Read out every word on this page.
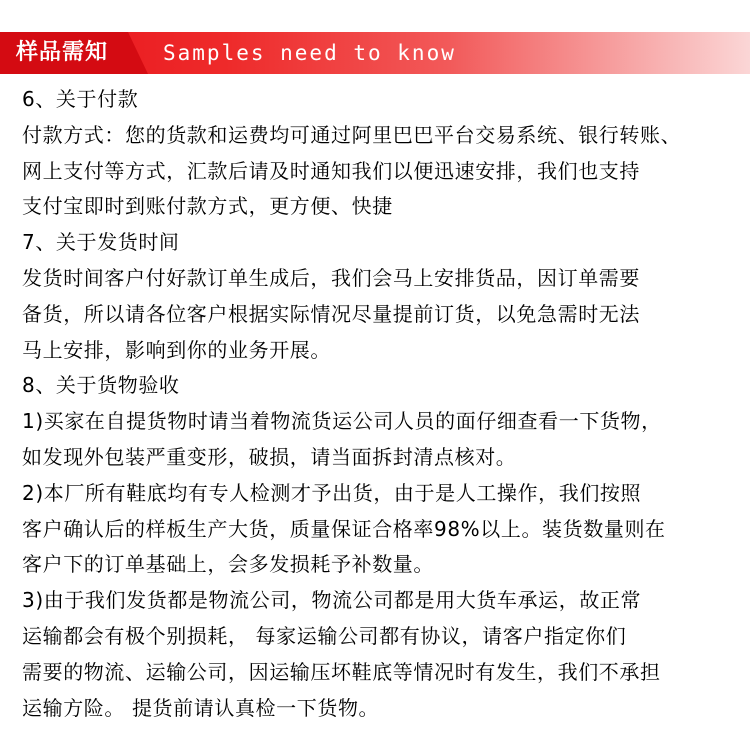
样品需知	Samples need to know
6、关于付款
付款方式：您的货款和运费均可通过阿里巴巴平台交易系统、银行转账、
网上支付等方式，汇款后请及时通知我们以便迅速安排，我们也支持
支付宝即时到账付款方式，更方便、快捷
7、关于发货时间
发货时间客户付好款订单生成后，我们会马上安排货品，因订单需要
备货，所以请各位客户根据实际情况尽量提前订货，以免急需时无法
马上安排，影响到你的业务开展。
8、关于货物验收
1)买家在自提货物时请当着物流货运公司人员的面仔细查看一下货物，
如发现外包装严重变形，破损，请当面拆封清点核对。
2)本厂所有鞋底均有专人检测才予出货，由于是人工操作，我们按照
客户确认后的样板生产大货，质量保证合格率98%以上。装货数量则在
客户下的订单基础上，会多发损耗予补数量。
3)由于我们发货都是物流公司，物流公司都是用大货车承运，故正常
运输都会有极个别损耗， 每家运输公司都有协议，请客户指定你们
需要的物流、运输公司，因运输压坏鞋底等情况时有发生，我们不承担
运输方险。 提货前请认真检一下货物。
